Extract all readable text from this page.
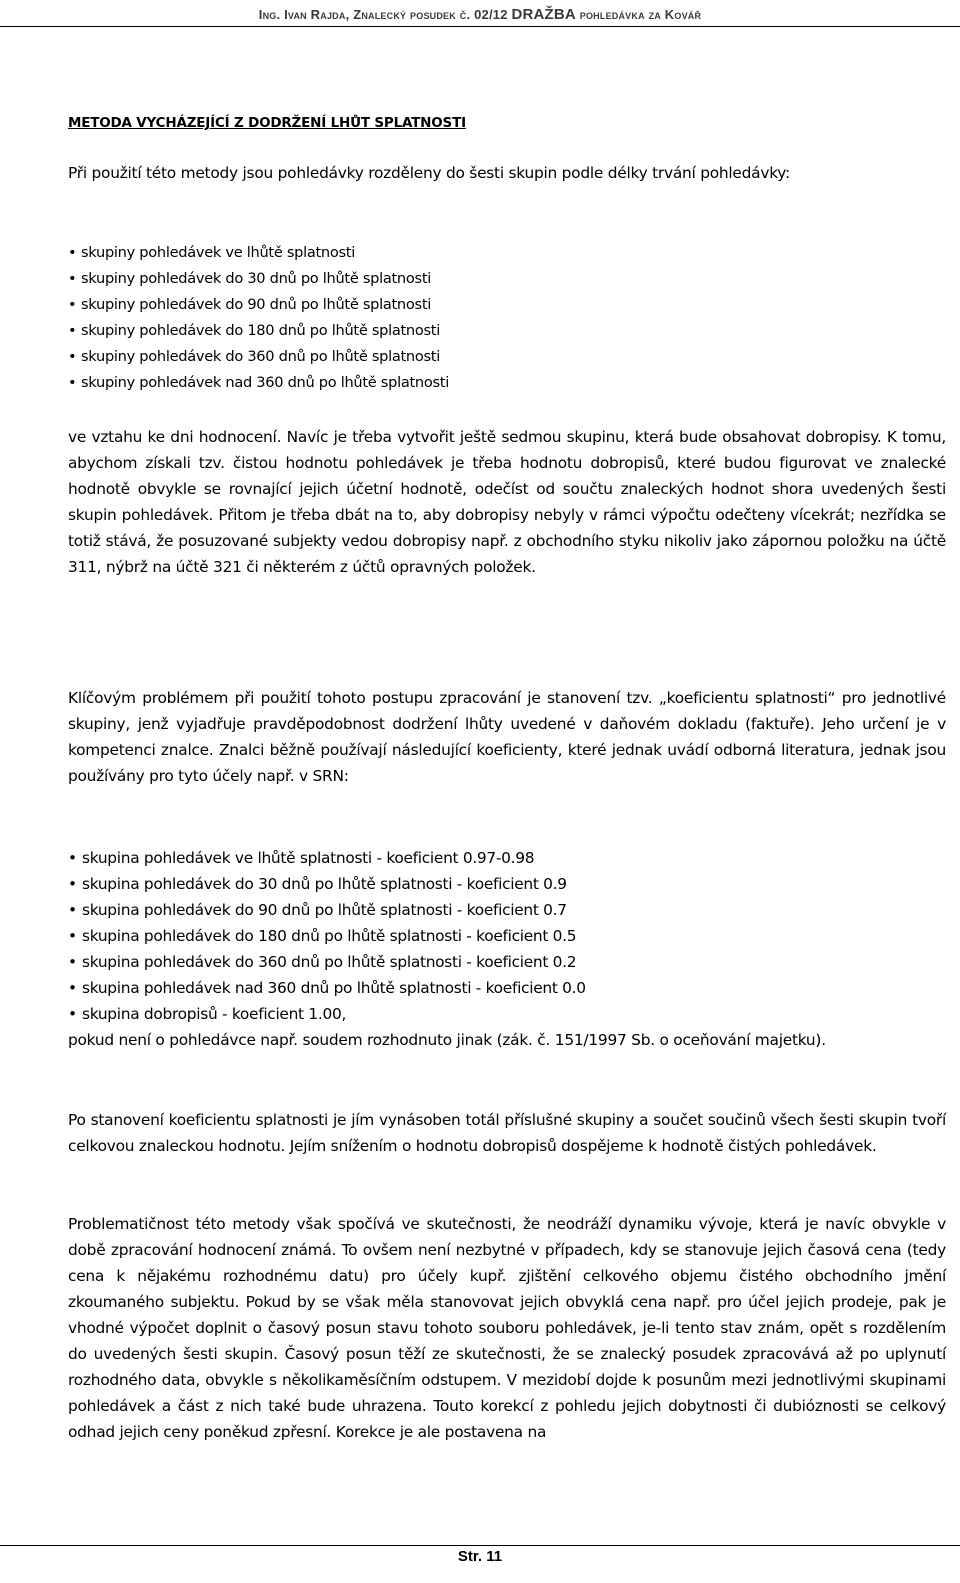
Ing. Ivan Rajda, Znalecký posudek č. 02/12 DRAŽBA pohledávka za Kovář
METODA VYCHÁZEJÍCÍ Z DODRŽENÍ LHŮT SPLATNOSTI

Při použití této metody jsou pohledávky rozděleny do šesti skupin podle délky trvání pohledávky:

• skupiny pohledávek ve lhůtě splatnosti
• skupiny pohledávek do 30 dnů po lhůtě splatnosti
• skupiny pohledávek do 90 dnů po lhůtě splatnosti
• skupiny pohledávek do 180 dnů po lhůtě splatnosti
• skupiny pohledávek do 360 dnů po lhůtě splatnosti
• skupiny pohledávek nad 360 dnů po lhůtě splatnosti

ve vztahu ke dni hodnocení. Navíc je třeba vytvořit ještě sedmou skupinu, která bude obsahovat dobropisy. K tomu, abychom získali tzv. čistou hodnotu pohledávek je třeba hodnotu dobropisů, které budou figurovat ve znalecké hodnotě obvykle se rovnající jejich účetní hodnotě, odečíst od součtu znaleckých hodnot shora uvedených šesti skupin pohledávek. Přitom je třeba dbát na to, aby dobropisy nebyly v rámci výpočtu odečteny vícekrát; nezřídka se totiž stává, že posuzované subjekty vedou dobropisy např. z obchodního styku nikoliv jako zápornou položku na účtě 311, nýbrž na účtě 321 či některém z účtů opravných položek.

Klíčovým problémem při použití tohoto postupu zpracování je stanovení tzv. „koeficientu splatnosti“ pro jednotlivé skupiny, jenž vyjadřuje pravděpodobnost dodržení lhůty uvedené v daňovém dokladu (faktuře). Jeho určení je v kompetenci znalce. Znalci běžně používají následující koeficienty, které jednak uvádí odborná literatura, jednak jsou používány pro tyto účely např. v SRN:

• skupina pohledávek ve lhůtě splatnosti - koeficient 0.97-0.98
• skupina pohledávek do 30 dnů po lhůtě splatnosti - koeficient 0.9
• skupina pohledávek do 90 dnů po lhůtě splatnosti - koeficient 0.7
• skupina pohledávek do 180 dnů po lhůtě splatnosti - koeficient 0.5
• skupina pohledávek do 360 dnů po lhůtě splatnosti - koeficient 0.2
• skupina pohledávek nad 360 dnů po lhůtě splatnosti - koeficient 0.0
• skupina dobropisů - koeficient 1.00,

pokud není o pohledávce např. soudem rozhodnuto jinak (zák. č. 151/1997 Sb. o oceňování majetku).

Po stanovení koeficientu splatnosti je jím vynásoben totál příslušné skupiny a součet součinů všech šesti skupin tvoří celkovou znaleckou hodnotu. Jejím snížením o hodnotu dobropisů dospějeme k hodnotě čistých pohledávek.

Problematičnost této metody však spočívá ve skutečnosti, že neodráží dynamiku vývoje, která je navíc obvykle v době zpracování hodnocení známá. To ovšem není nezbytné v případech, kdy se stanovuje jejich časová cena (tedy cena k nějakému rozhodnému datu) pro účely kupř. zjištění celkového objemu čistého obchodního jmění zkoumaného subjektu. Pokud by se však měla stanovovat jejich obvyklá cena např. pro účel jejich prodeje, pak je vhodné výpočet doplnit o časový posun stavu tohoto souboru pohledávek, je-li tento stav znám, opět s rozdělením do uvedených šesti skupin. Časový posun těží ze skutečnosti, že se znalecký posudek zpracovává až po uplynutí rozhodného data, obvykle s několikaměsíčním odstupem. V mezidobí dojde k posunům mezi jednotlivými skupinami pohledávek a část z nich také bude uhrazena. Touto korekcí z pohledu jejich dobytnosti či dubióznosti se celkový odhad jejich ceny poněkud zpřesní. Korekce je ale postavena na

Str. 11
